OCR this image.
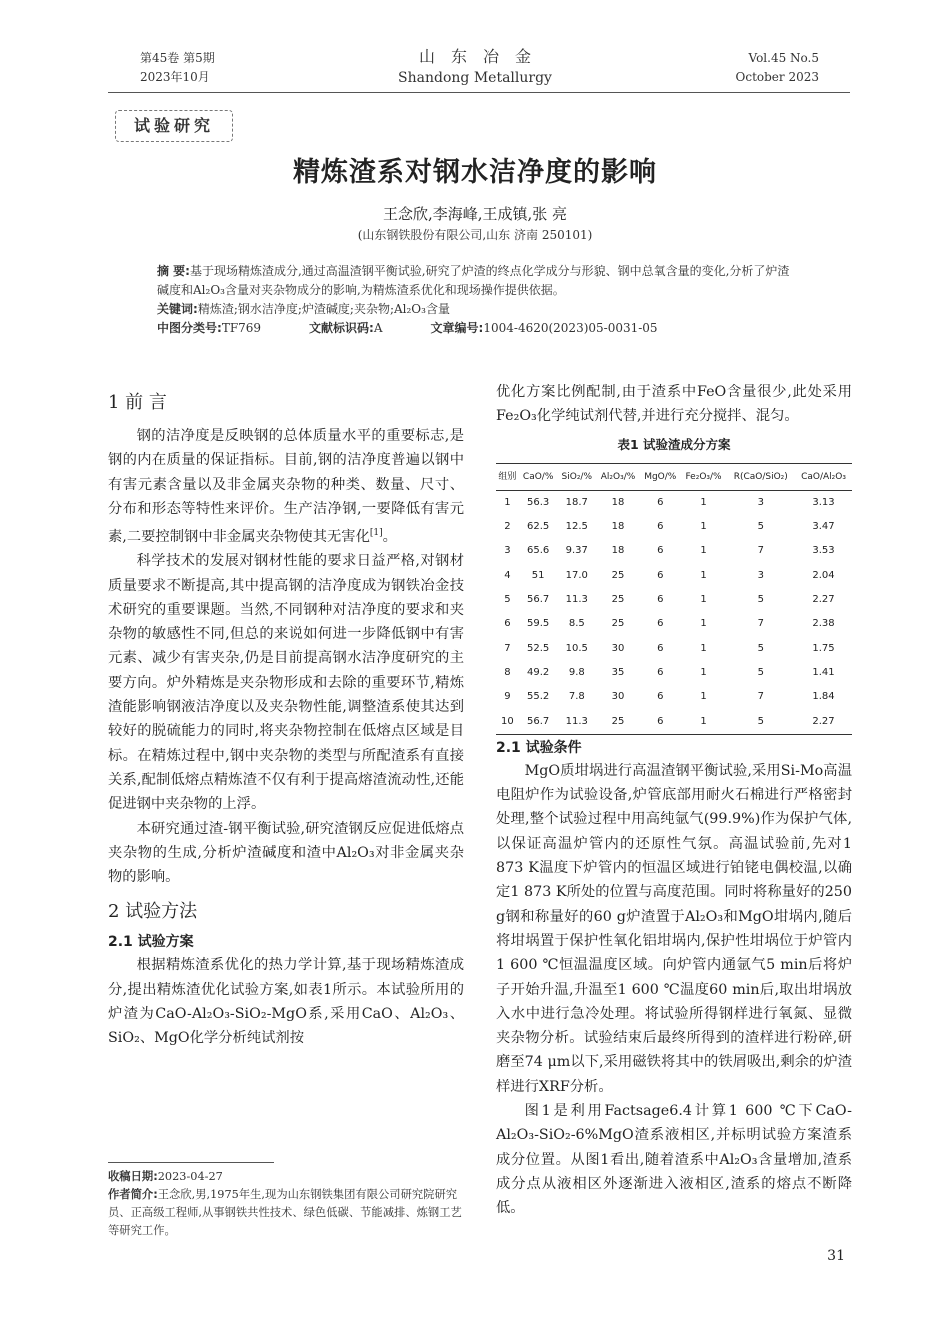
第45卷 第5期
2023年10月
山东冶金
Shandong Metallurgy
Vol.45 No.5
October 2023
试验研究
精炼渣系对钢水洁净度的影响
王念欣,李海峰,王成镇,张 亮
(山东钢铁股份有限公司,山东 济南 250101)
摘 要:基于现场精炼渣成分,通过高温渣钢平衡试验,研究了炉渣的终点化学成分与形貌、钢中总氧含量的变化,分析了炉渣碱度和Al₂O₃含量对夹杂物成分的影响,为精炼渣系优化和现场操作提供依据。
关键词:精炼渣;钢水洁净度;炉渣碱度;夹杂物;Al₂O₃含量
中图分类号:TF769	文献标识码:A	文章编号:1004-4620(2023)05-0031-05

1 前 言

钢的洁净度是反映钢的总体质量水平的重要标志,是钢的内在质量的保证指标。目前,钢的洁净度普遍以钢中有害元素含量以及非金属夹杂物的种类、数量、尺寸、分布和形态等特性来评价。生产洁净钢,一要降低有害元素,二要控制钢中非金属夹杂物使其无害化[1]。

科学技术的发展对钢材性能的要求日益严格,对钢材质量要求不断提高,其中提高钢的洁净度成为钢铁冶金技术研究的重要课题。当然,不同钢种对洁净度的要求和夹杂物的敏感性不同,但总的来说如何进一步降低钢中有害元素、减少有害夹杂,仍是目前提高钢水洁净度研究的主要方向。炉外精炼是夹杂物形成和去除的重要环节,精炼渣能影响钢液洁净度以及夹杂物性能,调整渣系使其达到较好的脱硫能力的同时,将夹杂物控制在低熔点区域是目标。在精炼过程中,钢中夹杂物的类型与所配渣系有直接关系,配制低熔点精炼渣不仅有利于提高熔渣流动性,还能促进钢中夹杂物的上浮。

本研究通过渣-钢平衡试验,研究渣钢反应促进低熔点夹杂物的生成,分析炉渣碱度和渣中Al₂O₃对非金属夹杂物的影响。

2 试验方法

2.1 试验方案

根据精炼渣系优化的热力学计算,基于现场精炼渣成分,提出精炼渣优化试验方案,如表1所示。本试验所用的炉渣为CaO-Al₂O₃-SiO₂-MgO系,采用CaO、Al₂O₃、SiO₂、MgO化学分析纯试剂按

收稿日期:2023-04-27
作者简介:王念欣,男,1975年生,现为山东钢铁集团有限公司研究院研究员、正高级工程师,从事钢铁共性技术、绿色低碳、节能减排、炼钢工艺等研究工作。

优化方案比例配制,由于渣系中FeO含量很少,此处采用Fe₂O₃化学纯试剂代替,并进行充分搅拌、混匀。

表1 试验渣成分方案
组别	CaO/%	SiO₂/%	Al₂O₃/%	MgO/%	Fe₂O₃/%	R(CaO/SiO₂)	CaO/Al₂O₃
1	56.3	18.7	18	6	1	3	3.13
2	62.5	12.5	18	6	1	5	3.47
3	65.6	9.37	18	6	1	7	3.53
4	51	17.0	25	6	1	3	2.04
5	56.7	11.3	25	6	1	5	2.27
6	59.5	8.5	25	6	1	7	2.38
7	52.5	10.5	30	6	1	5	1.75
8	49.2	9.8	35	6	1	5	1.41
9	55.2	7.8	30	6	1	7	1.84
10	56.7	11.3	25	6	1	5	2.27

2.1 试验条件

MgO质坩埚进行高温渣钢平衡试验,采用Si-Mo高温电阻炉作为试验设备,炉管底部用耐火石棉进行严格密封处理,整个试验过程中用高纯氩气(99.9%)作为保护气体,以保证高温炉管内的还原性气氛。高温试验前,先对1 873 K温度下炉管内的恒温区域进行铂铑电偶校温,以确定1 873 K所处的位置与高度范围。同时将称量好的250 g钢和称量好的60 g炉渣置于Al₂O₃和MgO坩埚内,随后将坩埚置于保护性氧化铝坩埚内,保护性坩埚位于炉管内1 600 ℃恒温温度区域。向炉管内通氩气5 min后将炉子开始升温,升温至1 600 ℃温度60 min后,取出坩埚放入水中进行急冷处理。将试验所得钢样进行氧氮、显微夹杂物分析。试验结束后最终所得到的渣样进行粉碎,研磨至74 μm以下,采用磁铁将其中的铁屑吸出,剩余的炉渣样进行XRF分析。

图1是利用Factsage6.4计算1 600 ℃下CaO-Al₂O₃-SiO₂-6%MgO渣系液相区,并标明试验方案渣系成分位置。从图1看出,随着渣系中Al₂O₃含量增加,渣系成分点从液相区外逐渐进入液相区,渣系的熔点不断降低。

31
